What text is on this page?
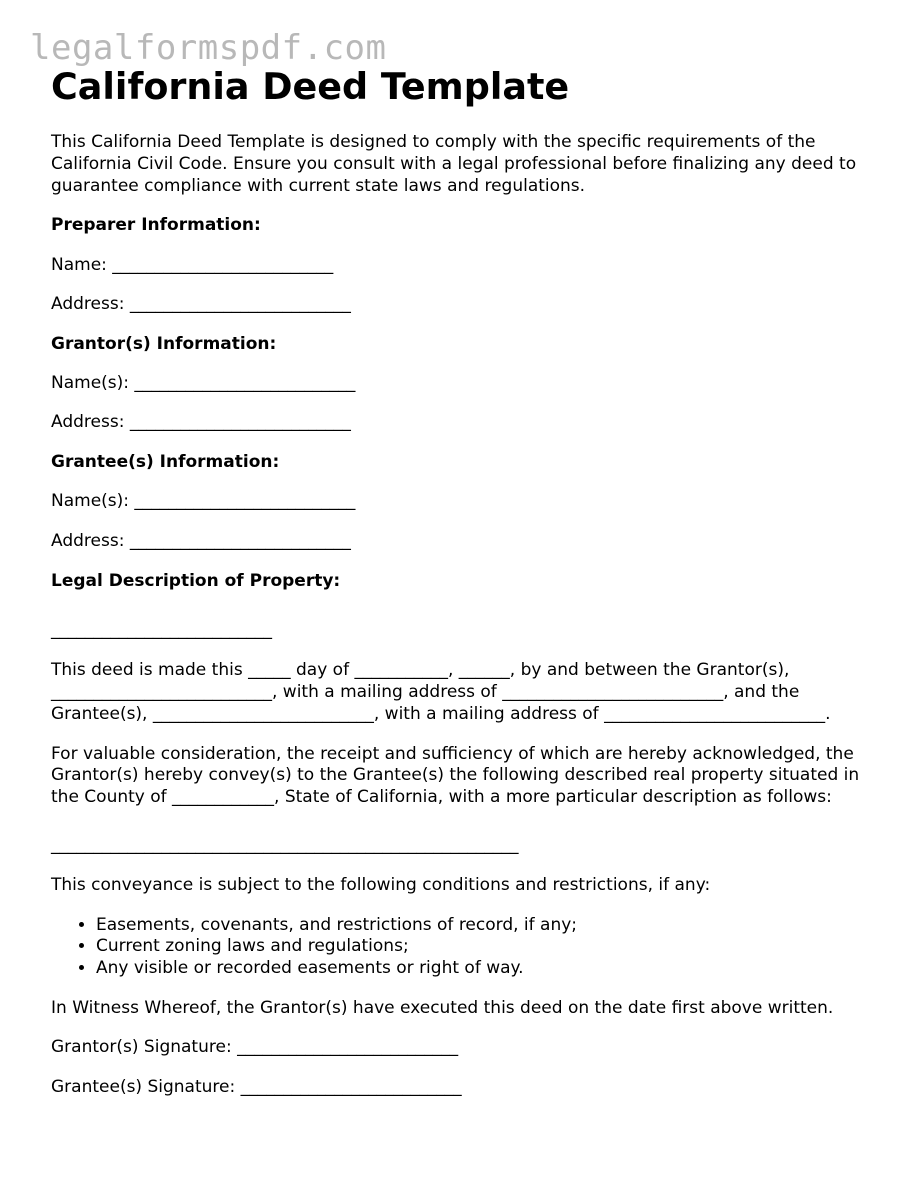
legalformspdf.com
California Deed Template

This California Deed Template is designed to comply with the specific requirements of the California Civil Code. Ensure you consult with a legal professional before finalizing any deed to guarantee compliance with current state laws and regulations.

Preparer Information:

Name: __________________________

Address: __________________________

Grantor(s) Information:

Name(s): __________________________

Address: __________________________

Grantee(s) Information:

Name(s): __________________________

Address: __________________________

Legal Description of Property:

__________________________

This deed is made this _____ day of ___________, ______, by and between the Grantor(s), __________________________, with a mailing address of __________________________, and the Grantee(s), __________________________, with a mailing address of __________________________.

For valuable consideration, the receipt and sufficiency of which are hereby acknowledged, the Grantor(s) hereby convey(s) to the Grantee(s) the following described real property situated in the County of ____________, State of California, with a more particular description as follows:

_______________________________________________________

This conveyance is subject to the following conditions and restrictions, if any:

• Easements, covenants, and restrictions of record, if any;
• Current zoning laws and regulations;
• Any visible or recorded easements or right of way.

In Witness Whereof, the Grantor(s) have executed this deed on the date first above written.

Grantor(s) Signature: __________________________

Grantee(s) Signature: __________________________
